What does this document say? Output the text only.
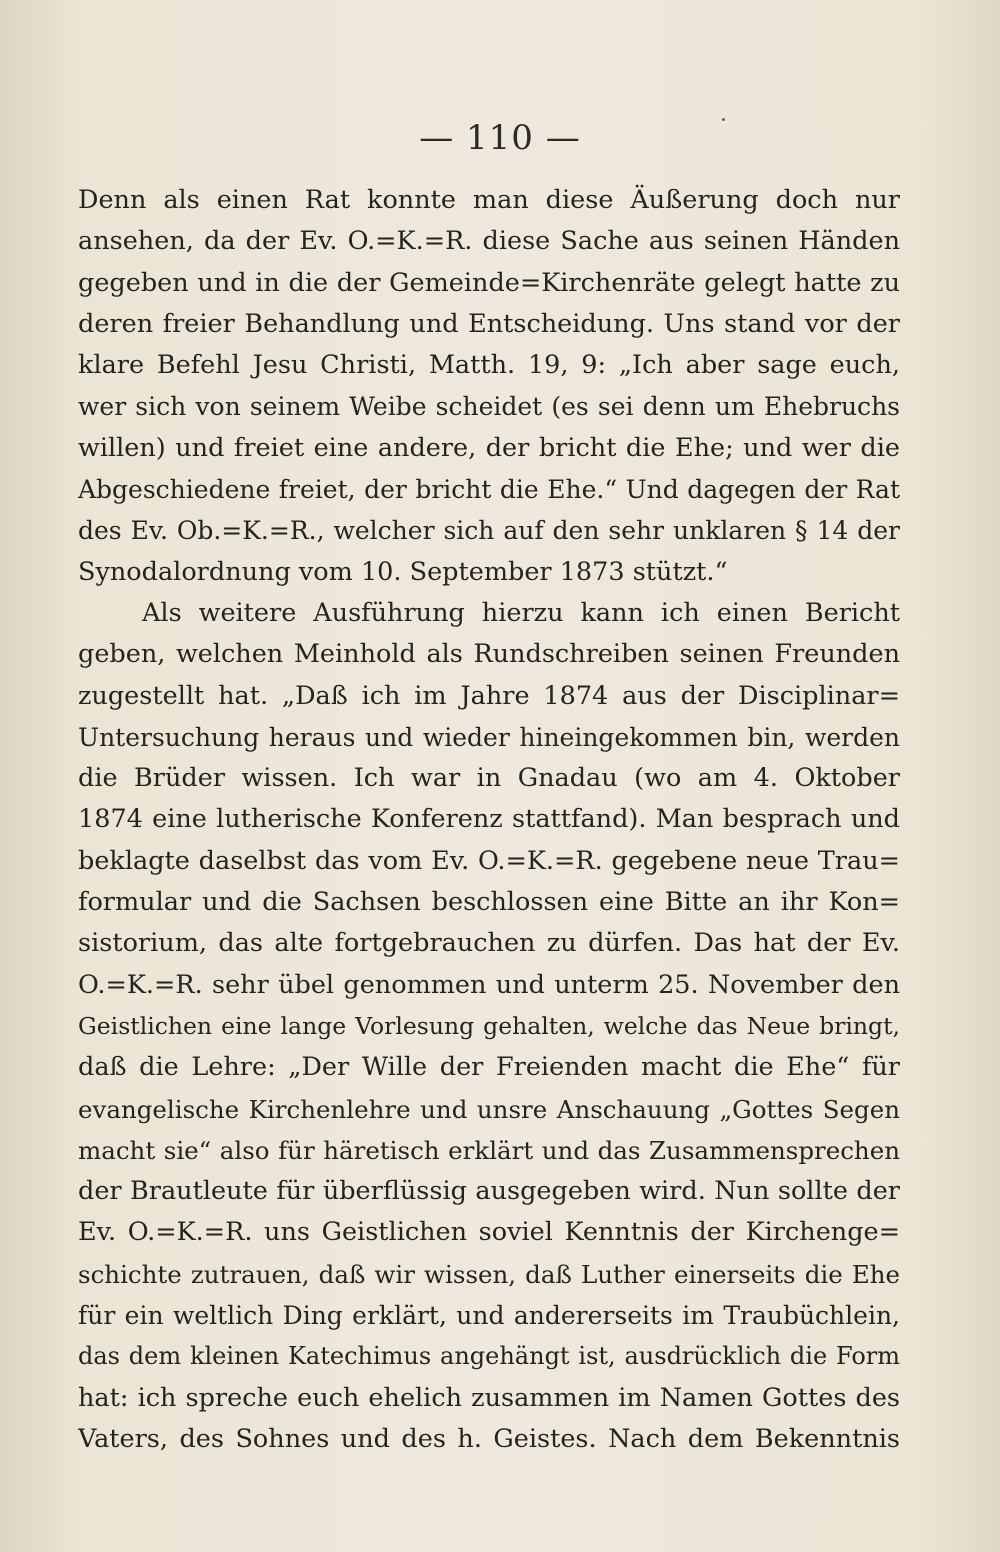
— 110 —
Denn als einen Rat konnte man diese Äußerung doch nur
ansehen, da der Ev. O.=K.=R. diese Sache aus seinen Händen
gegeben und in die der Gemeinde=Kirchenräte gelegt hatte zu
deren freier Behandlung und Entscheidung. Uns stand vor der
klare Befehl Jesu Christi, Matth. 19, 9: „Ich aber sage euch,
wer sich von seinem Weibe scheidet (es sei denn um Ehebruchs
willen) und freiet eine andere, der bricht die Ehe; und wer die
Abgeschiedene freiet, der bricht die Ehe.“ Und dagegen der Rat
des Ev. Ob.=K.=R., welcher sich auf den sehr unklaren § 14 der
Synodalordnung vom 10. September 1873 stützt.“
Als weitere Ausführung hierzu kann ich einen Bericht
geben, welchen Meinhold als Rundschreiben seinen Freunden
zugestellt hat. „Daß ich im Jahre 1874 aus der Disciplinar=
Untersuchung heraus und wieder hineingekommen bin, werden
die Brüder wissen. Ich war in Gnadau (wo am 4. Oktober
1874 eine lutherische Konferenz stattfand). Man besprach und
beklagte daselbst das vom Ev. O.=K.=R. gegebene neue Trau=
formular und die Sachsen beschlossen eine Bitte an ihr Kon=
sistorium, das alte fortgebrauchen zu dürfen. Das hat der Ev.
O.=K.=R. sehr übel genommen und unterm 25. November den
Geistlichen eine lange Vorlesung gehalten, welche das Neue bringt,
daß die Lehre: „Der Wille der Freienden macht die Ehe“ für
evangelische Kirchenlehre und unsre Anschauung „Gottes Segen
macht sie“ also für häretisch erklärt und das Zusammensprechen
der Brautleute für überflüssig ausgegeben wird. Nun sollte der
Ev. O.=K.=R. uns Geistlichen soviel Kenntnis der Kirchenge=
schichte zutrauen, daß wir wissen, daß Luther einerseits die Ehe
für ein weltlich Ding erklärt, und andererseits im Traubüchlein,
das dem kleinen Katechimus angehängt ist, ausdrücklich die Form
hat: ich spreche euch ehelich zusammen im Namen Gottes des
Vaters, des Sohnes und des h. Geistes. Nach dem Bekenntnis
